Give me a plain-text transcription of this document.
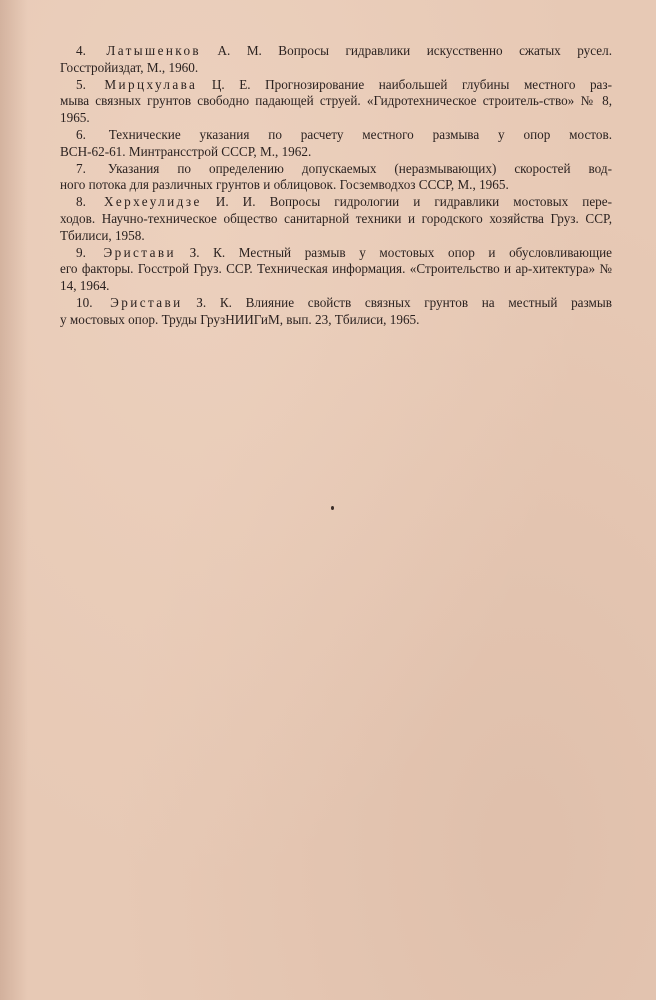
4. Латышенков А. М. Вопросы гидравлики искусственно сжатых русел.
Госстройиздат, М., 1960.
5. Мирцхулава Ц. Е. Прогнозирование наибольшей глубины местного раз-
мыва связных грунтов свободно падающей струей. «Гидротехническое строитель-ство» № 8, 1965.
6. Технические указания по расчету местного размыва у опор мостов.
ВСН-62-61. Минтрансстрой СССР, М., 1962.
7. Указания по определению допускаемых (неразмывающих) скоростей вод-
ного потока для различных грунтов и облицовок. Госземводхоз СССР, М., 1965.
8. Херхеулидзе И. И. Вопросы гидрологии и гидравлики мостовых пере-
ходов. Научно-техническое общество санитарной техники и городского хозяйства Груз. ССР, Тбилиси, 1958.
9. Эристави З. К. Местный размыв у мостовых опор и обусловливающие
его факторы. Госстрой Груз. ССР. Техническая информация. «Строительство и ар-хитектура» № 14, 1964.
10. Эристави З. К. Влияние свойств связных грунтов на местный размыв
у мостовых опор. Труды ГрузНИИГиМ, вып. 23, Тбилиси, 1965.
